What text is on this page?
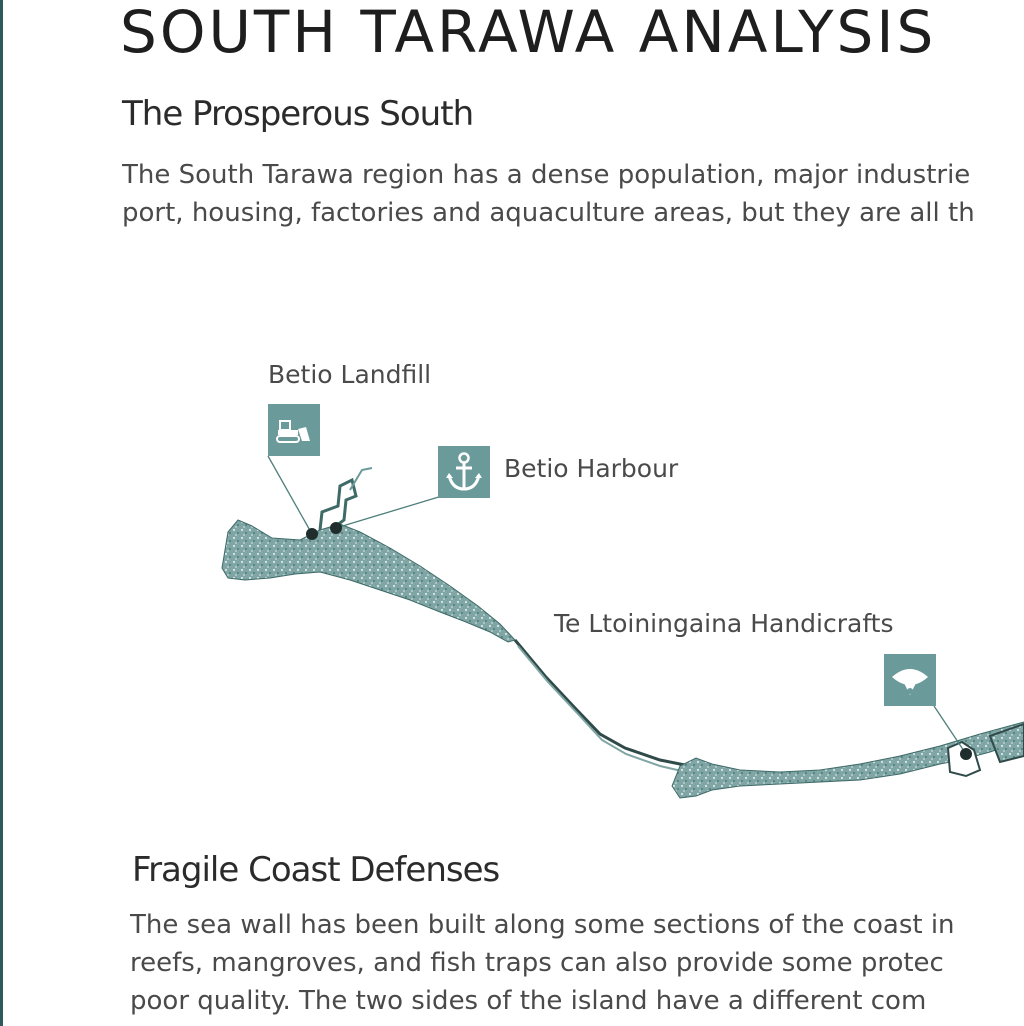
SOUTH TARAWA ANALYSIS
The Prosperous South

The South Tarawa region has a dense population, major industrie
port, housing, factories and aquaculture areas, but they are all th

Betio Landfill
Betio Harbour
Te Ltoiningaina Handicrafts
Fragile Coast Defenses

The sea wall has been built along some sections of the coast in
reefs, mangroves, and fish traps can also provide some protec
poor quality. The two sides of the island have a different com
